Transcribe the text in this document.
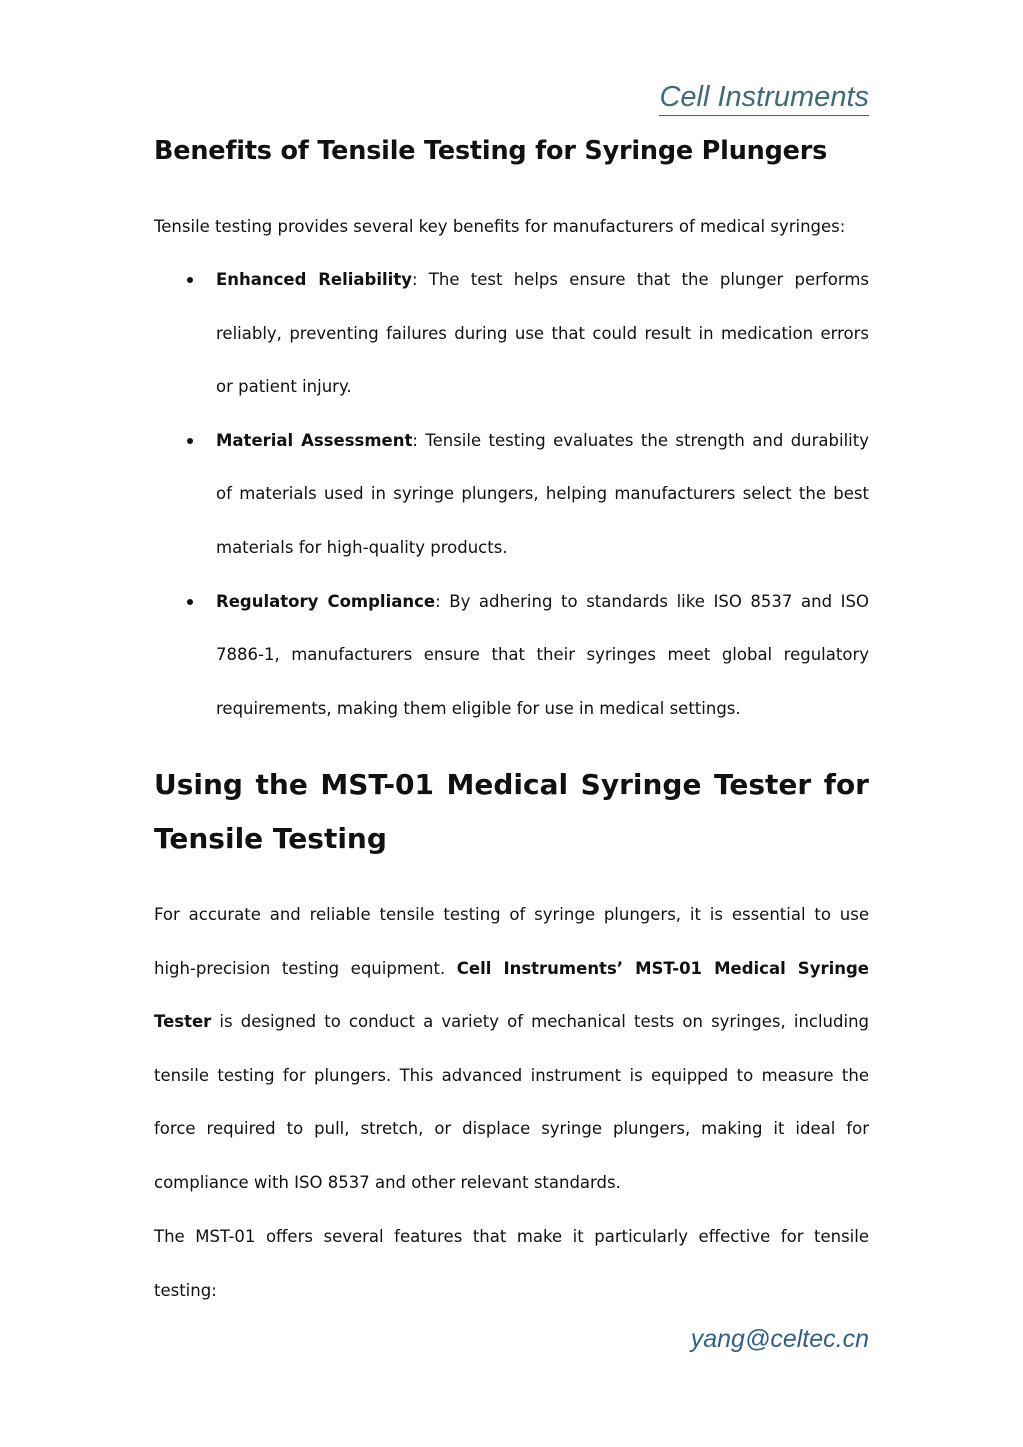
Cell Instruments
Benefits of Tensile Testing for Syringe Plungers

Tensile testing provides several key benefits for manufacturers of medical syringes:

Enhanced Reliability: The test helps ensure that the plunger performs reliably, preventing failures during use that could result in medication errors or patient injury.
Material Assessment: Tensile testing evaluates the strength and durability of materials used in syringe plungers, helping manufacturers select the best materials for high-quality products.
Regulatory Compliance: By adhering to standards like ISO 8537 and ISO 7886-1, manufacturers ensure that their syringes meet global regulatory requirements, making them eligible for use in medical settings.
Using the MST-01 Medical Syringe Tester for Tensile Testing

For accurate and reliable tensile testing of syringe plungers, it is essential to use high-precision testing equipment. Cell Instruments’ MST-01 Medical Syringe Tester is designed to conduct a variety of mechanical tests on syringes, including tensile testing for plungers. This advanced instrument is equipped to measure the force required to pull, stretch, or displace syringe plungers, making it ideal for compliance with ISO 8537 and other relevant standards.

The MST-01 offers several features that make it particularly effective for tensile testing:

yang@celtec.cn
